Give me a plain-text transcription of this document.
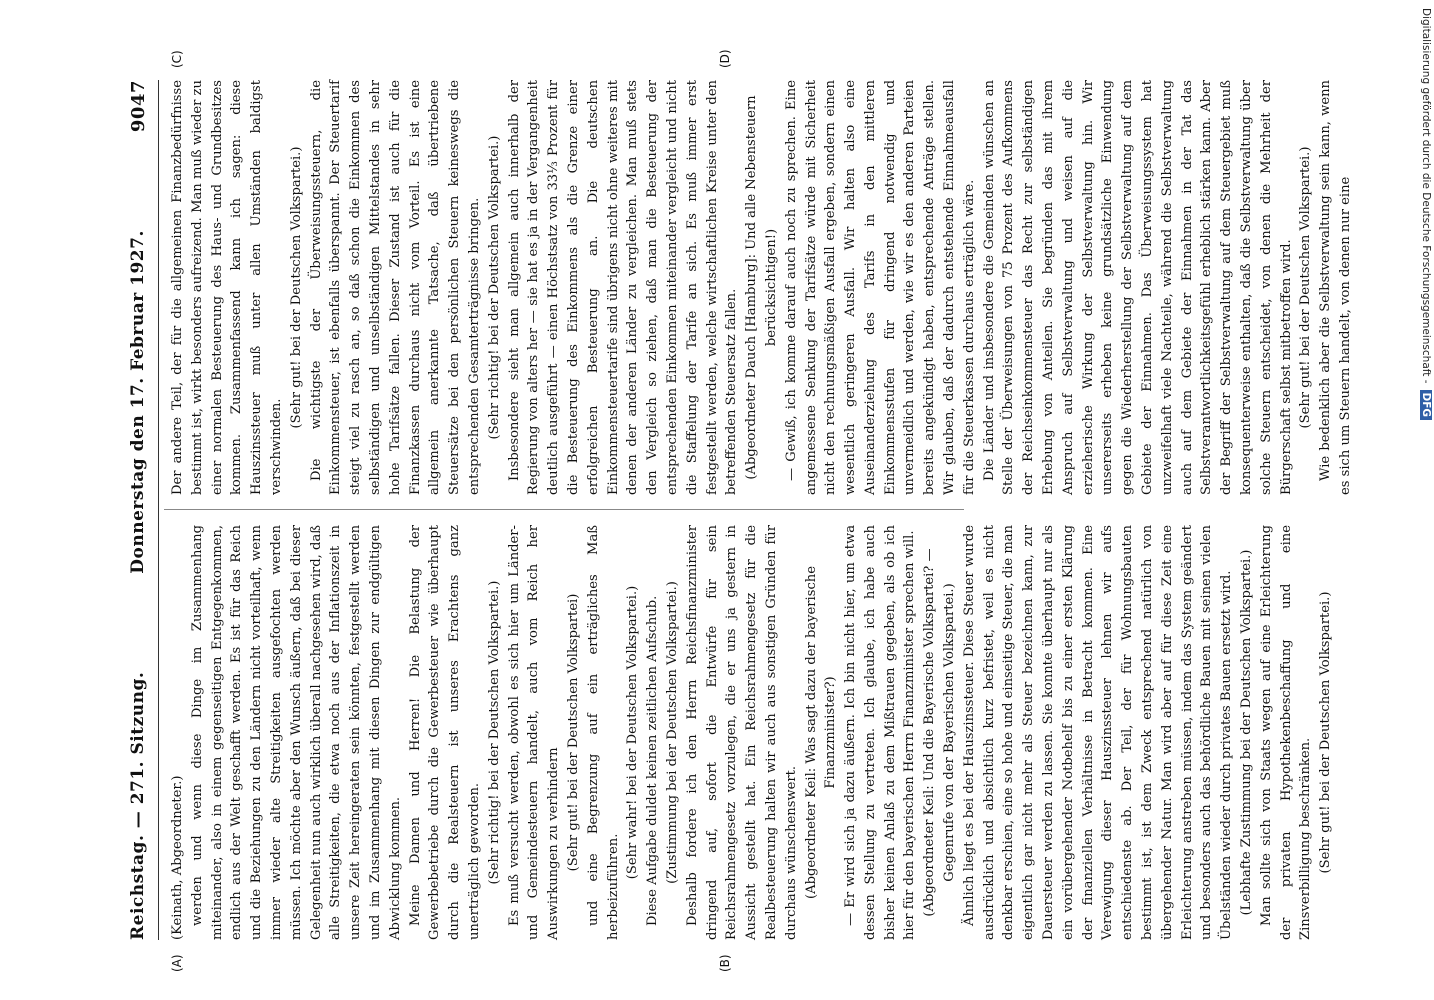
Reichstag. — 271. Sitzung.
Donnerstag den 17. Februar 1927.
9047

(Keinath, Abgeordneter.) werden und wenn diese Dinge im Zusammenhang miteinander, also in einem gegenseitigen Entgegenkommen, endlich aus der Welt geschafft werden. Es ist für das Reich und die Beziehungen zu den Ländern nicht vorteilhaft, wenn immer wieder alte Streitigkeiten ausgefochten werden müssen. Ich möchte aber den Wunsch äußern, daß bei dieser Gelegenheit nun auch wirklich überall nachgesehen wird, daß alle Streitigkeiten, die etwa noch aus der Inflationszeit in unsere Zeit hereingeraten sein könnten, festgestellt werden und im Zusammenhang mit diesen Dingen zur endgültigen Abwicklung kommen. Meine Damen und Herren! Die Belastung der Gewerbebetriebe durch die Gewerbesteuer wie überhaupt durch die Realsteuern ist unseres Erachtens ganz unerträglich geworden. (Sehr richtig! bei der Deutschen Volkspartei.) Es muß versucht werden, obwohl es sich hier um Länder- und Gemeindesteuern handelt, auch vom Reich her Auswirkungen zu verhindern (Sehr gut! bei der Deutschen Volkspartei) und eine Begrenzung auf ein erträgliches Maß herbeizuführen.

(Sehr wahr! bei der Deutschen Volkspartei.) Diese Aufgabe duldet keinen zeitlichen Aufschub. (Zustimmung bei der Deutschen Volkspartei.) Deshalb fordere ich den Herrn Reichsfinanzminister dringend auf, sofort die Entwürfe für sein Reichsrahmengesetz vorzulegen, die er uns ja gestern in Aussicht gestellt hat. Ein Reichsrahmengesetz für die Realbesteuerung halten wir auch aus sonstigen Gründen für durchaus wünschenswert. (Abgeordneter Keil: Was sagt dazu der bayerische Finanzminister?) — Er wird sich ja dazu äußern. Ich bin nicht hier, um etwa dessen Stellung zu vertreten. Ich glaube, ich habe auch bisher keinen Anlaß zu dem Mißtrauen gegeben, als ob ich hier für den bayerischen Herrn Finanzminister sprechen will. (Abgeordneter Keil: Und die Bayerische Volkspartei? — Gegenrufe von der Bayerischen Volkspartei.) Ähnlich liegt es bei der Hauszinssteuer. Diese Steuer wurde ausdrücklich und absichtlich kurz befristet, weil es nicht denkbar erschien, eine so hohe und einseitige Steuer, die man eigentlich gar nicht mehr als Steuer bezeichnen kann, zur Dauersteuer werden zu lassen. Sie konnte überhaupt nur als ein vorübergehender Notbehelf bis zu einer ersten Klärung der finanziellen Verhältnisse in Betracht kommen. Eine Verewigung dieser Hauszinssteuer lehnen wir aufs entschiedenste ab. Der Teil, der für Wohnungsbauten bestimmt ist, ist dem Zweck entsprechend natürlich von übergehender Natur. Man wird aber auf für diese Zeit eine Erleichterung anstreben müssen, indem das System geändert und besonders auch das behördliche Bauen mit seinen vielen Übelständen wieder durch privates Bauen ersetzt wird. (Lebhafte Zustimmung bei der Deutschen Volkspartei.) Man sollte sich von Staats wegen auf eine Erleichterung der privaten Hypothekenbeschaffung und eine Zinsverbilligung beschränken. (Sehr gut! bei der Deutschen Volkspartei.)

Der andere Teil, der für die allgemeinen Finanzbedürfnisse bestimmt ist, wirkt besonders aufreizend. Man muß wieder zu einer normalen Besteuerung des Haus- und Grundbesitzes kommen. Zusammenfassend kann ich sagen: diese Hauszinssteuer muß unter allen Umständen baldigst verschwinden.

(Sehr gut! bei der Deutschen Volkspartei.) Die wichtigste der Überweisungssteuern, die Einkommensteuer, ist ebenfalls überspannt. Der Steuertarif steigt viel zu rasch an, so daß schon die Einkommen des selbständigen und unselbständigen Mittelstandes in sehr hohe Tarifsätze fallen. Dieser Zustand ist auch für die Finanzkassen durchaus nicht vom Vorteil. Es ist eine allgemein anerkannte Tatsache, daß übertriebene Steuersätze bei den persönlichen Steuern keineswegs die entsprechenden Gesamterträgnisse bringen. (Sehr richtig! bei der Deutschen Volkspartei.) Insbesondere sieht man allgemein auch innerhalb der Regierung von alters her — sie hat es ja in der Vergangenheit deutlich ausgeführt — einen Höchstsatz von 33⅓ Prozent für die Besteuerung des Einkommens als die Grenze einer erfolgreichen Besteuerung an. Die deutschen Einkommensteuertarife sind übrigens nicht ohne weiteres mit denen der anderen Länder zu vergleichen. Man muß stets den Vergleich so ziehen, daß man die Besteuerung der entsprechenden Einkommen miteinander vergleicht und nicht die Staffelung der Tarife an sich. Es muß immer erst festgestellt werden, welche wirtschaftlichen Kreise unter den betreffenden Steuersatz fallen. (Abgeordneter Dauch [Hamburg]: Und alle Nebensteuern berücksichtigen!) — Gewiß, ich komme darauf auch noch zu sprechen. Eine angemessene Senkung der Tarifsätze würde mit Sicherheit nicht den rechnungsmäßigen Ausfall ergeben, sondern einen wesentlich geringeren Ausfall. Wir halten also eine Auseinanderziehung des Tarifs in den mittleren Einkommensstufen für dringend notwendig und unvermeidlich und werden, wie wir es den anderen Parteien bereits angekündigt haben, entsprechende Anträge stellen. Wir glauben, daß der dadurch entstehende Einnahmeausfall für die Steuerkassen durchaus erträglich wäre. Die Länder und insbesondere die Gemeinden wünschen an Stelle der Überweisungen von 75 Prozent des Aufkommens der Reichseinkommensteuer das Recht zur selbständigen Erhebung von Anteilen. Sie begründen das mit ihrem Anspruch auf Selbstverwaltung und weisen auf die erzieherische Wirkung der Selbstverwaltung hin. Wir unsererseits erheben keine grundsätzliche Einwendung gegen die Wiederherstellung der Selbstverwaltung auf dem Gebiete der Einnahmen. Das Überweisungssystem hat unzweifelhaft viele Nachteile, während die Selbstverwaltung auch auf dem Gebiete der Einnahmen in der Tat das Selbstverantwortlichkeitsgefühl erheblich stärken kann. Aber der Begriff der Selbstverwaltung auf dem Steuergebiet muß konsequenterweise enthalten, daß die Selbstverwaltung über solche Steuern entscheidet, von denen die Mehrheit der Bürgerschaft selbst mitbetroffen wird. (Sehr gut! bei der Deutschen Volkspartei.) Wie bedenklich aber die Selbstverwaltung sein kann, wenn es sich um Steuern handelt, von denen nur eine

(A)	(B)
(C)	(D)	Digitalisierung gefördert durch die Deutsche Forschungsgemeinschaft -DFG
